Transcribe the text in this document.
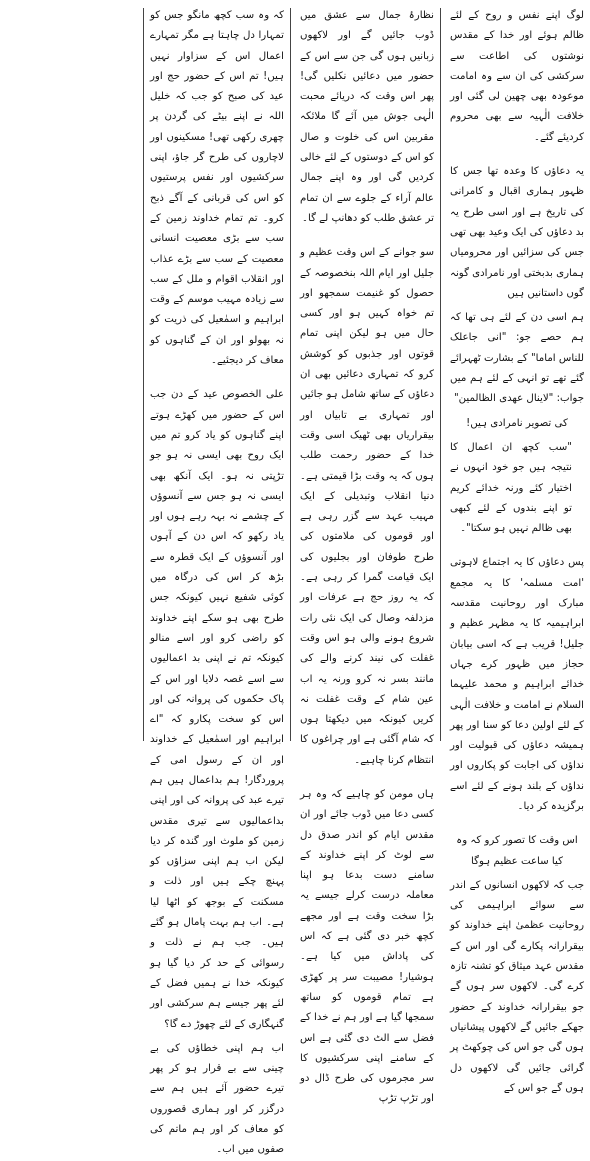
لوگ اپنے نفس و روح کے لئے ظالم ہوئے اور خدا کے مقدس نوشتوں کی اطاعت سے سرکشی کی ان سے وہ امامت موعودہ بھی چھین لی گئی اور خلافت الٰہیہ سے بھی محروم کردیئے گئے۔

یہ دعاؤں کا وعدہ تھا جس کا ظہور ہماری اقبال و کامرانی کی تاریخ ہے اور اسی طرح یہ بد دعاؤں کی ایک وعید بھی تھی جس کی سزائیں اور محرومیاں ہماری بدبختی اور نامرادی گونہ گوں داستانیں ہیں

ہم اسی دن کے لئے ہی تھا کہ ہم حصے جو: "انی جاعلک للناس اماما" کے بشارت ٹھہرائے گئے تھے تو انہی کے لئے ہم میں جواب: "لاینال عھدی الظالمین"

کی تصویر نامرادی ہیں!

"سب کچھ ان اعمال کا نتیجہ ہیں جو خود انہوں نے اختیار کئے ورنہ خدائے کریم تو اپنے بندوں کے لئے کبھی بھی ظالم نہیں ہو سکتا"۔

پس دعاؤں کا یہ اجتماع لاہوتی 'امت مسلمہ' کا یہ مجمع مبارک اور روحانیت مقدسہ ابراہیمیہ کا یہ مظہر عظیم و جلیل! قریب ہے کہ اسی بیابان حجاز میں ظہور کرے جہاں خدائے ابراہیم و محمد علیہما السلام نے امامت و خلافت الٰہی کے لئے اولین دعا کو سنا اور پھر ہمیشہ دعاؤں کی قبولیت اور نداؤں کی اجابت کو پکاروں اور نداؤں کے بلند ہونے کے لئے اسے برگزیدہ کر دیا۔

اس وقت کا تصور کرو کہ وہ کیا ساعت عظیم ہوگا

جب کہ لاکھوں انسانوں کے اندر سے سوائے ابراہیمی کی روحانیت عظمیٰ اپنے خداوند کو بیقرارانہ پکارے گی اور اس کے مقدس عہد میثاق کو تشنہ تازہ کرے گی۔ لاکھوں سر ہوں گے جو بیقرارانہ خداوند کے حضور جھکے جائیں گے لاکھوں پیشانیاں ہوں گی جو اس کی چوکھٹ پر گرائی جائیں گی لاکھوں دل ہوں گے جو اس کے

نظارۂ جمال سے عشق میں ڈوب جائیں گے اور لاکھوں زبانیں ہوں گی جن سے اس کے حضور میں دعائیں نکلیں گی! پھر اس وقت کہ دریائے محبت الٰہی جوش میں آئے گا ملائکہ مقربین اس کی خلوت و صال کو اس کے دوستوں کے لئے خالی کردیں گی اور وہ اپنے جمال عالم آراء کے جلوے سے ان تمام تر عشق طلب کو دھانپ لے گا۔

سو جوانے کے اس وقت عظیم و جلیل اور ایام اللہ بنخصوصہ کے حصول کو غنیمت سمجھو اور تم خواہ کہیں ہو اور کسی حال میں ہو لیکن اپنی تمام قوتوں اور جذبوں کو کوشش کرو کہ تمہاری دعائیں بھی ان دعاؤں کے ساتھ شامل ہو جائیں اور تمہاری بے تابیاں اور بیقراریاں بھی ٹھیک اسی وقت خدا کے حضور رحمت طلب ہوں کہ یہ وقت بڑا قیمتی ہے۔ دنیا انقلاب وتبدیلی کے ایک مہیب عہد سے گزر رہی ہے اور قوموں کی ملامتوں کی طرح طوفان اور بجلیوں کی ایک قیامت گمرا کر رہی ہے۔ کہ یہ روز حج ہے عرفات اور مزدلفہ وصال کی ایک نئی رات شروع ہونے والی ہو اس وقت غفلت کی نیند کرنے والے کی مانند بسر نہ کرو ورنہ یہ اب عین شام کے وقت غفلت نہ کریں کیونکہ میں دیکھتا ہوں کہ شام آگئی ہے اور چراغوں کا انتظام کرنا چاہیے۔

ہاں مومن کو چاہیے کہ وہ ہر کسی دعا میں ڈوب جائے اور ان مقدس ایام کو اندر صدق دل سے لوٹ کر اپنے خداوند کے سامنے دست بدعا ہو اپنا معاملہ درست کرلے جیسے یہ بڑا سخت وقت ہے اور مجھے کچھ خبر دی گئی ہے کہ اس کی پاداش میں کیا ہے۔ ہوشیار! مصیبت سر پر کھڑی ہے تمام قوموں کو ساتھ سمجھا گیا ہے اور ہم نے خدا کے فضل سے الٹ دی گئی ہے اس کے سامنے اپنی سرکشیوں کا سر مجرموں کی طرح ڈال دو اور تڑپ تڑپ

کہ وہ سب کچھ مانگو جس کو تمہارا دل چاہتا ہے مگر تمہارے اعمال اس کے سزاوار نہیں ہیں! تم اس کے حضور حج اور عید کی صبح کو جب کہ خلیل اللہ نے اپنے بیٹے کی گردن پر چھری رکھی تھی! مسکینوں اور لاچاروں کی طرح گر جاؤ، اپنی سرکشیوں اور نفس پرستیوں کو اس کی قربانی کے آگے ذبح کرو۔ تم تمام خداوند زمین کے سب سے بڑی معصیت انسانی معصیت کے سب سے بڑے عذاب اور انقلاب اقوام و ملل کے سب سے زیادہ مہیب موسم کے وقت ابراہیم و اسمٰعیل کی ذریت کو نہ بھولو اور ان کے گناہوں کو معاف کر دیجئیے۔

علی الخصوص عید کے دن جب اس کے حضور میں کھڑے ہوتے اپنے گناہوں کو یاد کرو تم میں ایک روح بھی ایسی نہ ہو جو تڑپتی نہ ہو۔ ایک آنکھ بھی ایسی نہ ہو جس سے آنسوؤں کے چشمے نہ بہہ رہے ہوں اور یاد رکھو کہ اس دن کے آہوں اور آنسوؤں کے ایک قطرہ سے بڑھ کر اس کی درگاہ میں کوئی شفیع نہیں کیونکہ جس طرح بھی ہو سکے اپنے خداوند کو راضی کرو اور اسے منالو کیونکہ تم نے اپنی بد اعمالیوں سے اسے غصہ دلایا اور اس کے پاک حکموں کی پروانہ کی اور اس کو سخت پکارو کہ "اے ابراہیم اور اسمٰعیل کے خداوند اور ان کے رسول امی کے پروردگار! ہم بداعمال ہیں ہم تیرے عبد کی پروانہ کی اور اپنی بداعمالیوں سے تیری مقدس زمین کو ملوث اور گندہ کر دیا لیکن اب ہم اپنی سزاؤں کو پہنچ چکے ہیں اور ذلت و مسکنت کے بوجھ کو اٹھا لیا ہے۔ اب ہم بہت پامال ہو گئے ہیں۔ جب ہم نے ذلت و رسوائی کے حد کر دیا گیا ہو کیونکہ خدا نے ہمیں فضل کے لئے پھر جیسے ہم سرکشی اور گنہگاری کے لئے چھوڑ دے گا؟

اب ہم اپنی خطاؤں کی بے چینی سے بے قرار ہو کر پھر تیرے حضور آئے ہیں ہم سے درگزر کر اور ہماری قصوروں کو معاف کر اور ہم ماتم کی صفوں میں اب۔
